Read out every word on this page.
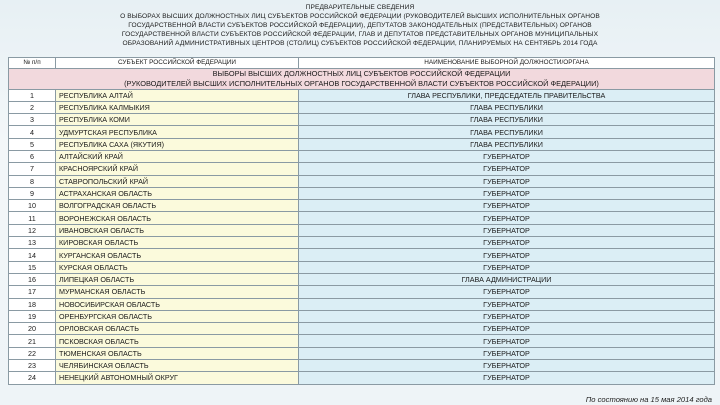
ПРЕДВАРИТЕЛЬНЫЕ СВЕДЕНИЯ
О ВЫБОРАХ ВЫСШИХ ДОЛЖНОСТНЫХ ЛИЦ СУБЪЕКТОВ РОССИЙСКОЙ ФЕДЕРАЦИИ (РУКОВОДИТЕЛЕЙ ВЫСШИХ ИСПОЛНИТЕЛЬНЫХ ОРГАНОВ
ГОСУДАРСТВЕННОЙ ВЛАСТИ СУБЪЕКТОВ РОССИЙСКОЙ ФЕДЕРАЦИИ), ДЕПУТАТОВ ЗАКОНОДАТЕЛЬНЫХ (ПРЕДСТАВИТЕЛЬНЫХ) ОРГАНОВ
ГОСУДАРСТВЕННОЙ ВЛАСТИ СУБЪЕКТОВ РОССИЙСКОЙ ФЕДЕРАЦИИ, ГЛАВ И ДЕПУТАТОВ ПРЕДСТАВИТЕЛЬНЫХ ОРГАНОВ МУНИЦИПАЛЬНЫХ
ОБРАЗОВАНИЙ АДМИНИСТРАТИВНЫХ ЦЕНТРОВ (СТОЛИЦ) СУБЪЕКТОВ РОССИЙСКОЙ ФЕДЕРАЦИИ, ПЛАНИРУЕМЫХ НА СЕНТЯБРЬ 2014 ГОДА
№ п/п	СУБЪЕКТ РОССИЙСКОЙ ФЕДЕРАЦИИ	НАИМЕНОВАНИЕ ВЫБОРНОЙ ДОЛЖНОСТИ/ОРГАНА
ВЫБОРЫ ВЫСШИХ ДОЛЖНОСТНЫХ ЛИЦ СУБЪЕКТОВ РОССИЙСКОЙ ФЕДЕРАЦИИ
(РУКОВОДИТЕЛЕЙ ВЫСШИХ ИСПОЛНИТЕЛЬНЫХ ОРГАНОВ ГОСУДАРСТВЕННОЙ ВЛАСТИ СУБЪЕКТОВ РОССИЙСКОЙ ФЕДЕРАЦИИ)		
1	РЕСПУБЛИКА АЛТАЙ	ГЛАВА РЕСПУБЛИКИ, ПРЕДСЕДАТЕЛЬ ПРАВИТЕЛЬСТВА
2	РЕСПУБЛИКА КАЛМЫКИЯ	ГЛАВА РЕСПУБЛИКИ
3	РЕСПУБЛИКА КОМИ	ГЛАВА РЕСПУБЛИКИ
4	УДМУРТСКАЯ РЕСПУБЛИКА	ГЛАВА РЕСПУБЛИКИ
5	РЕСПУБЛИКА САХА (ЯКУТИЯ)	ГЛАВА РЕСПУБЛИКИ
6	АЛТАЙСКИЙ КРАЙ	ГУБЕРНАТОР
7	КРАСНОЯРСКИЙ КРАЙ	ГУБЕРНАТОР
8	СТАВРОПОЛЬСКИЙ КРАЙ	ГУБЕРНАТОР
9	АСТРАХАНСКАЯ ОБЛАСТЬ	ГУБЕРНАТОР
10	ВОЛГОГРАДСКАЯ ОБЛАСТЬ	ГУБЕРНАТОР
11	ВОРОНЕЖСКАЯ ОБЛАСТЬ	ГУБЕРНАТОР
12	ИВАНОВСКАЯ ОБЛАСТЬ	ГУБЕРНАТОР
13	КИРОВСКАЯ ОБЛАСТЬ	ГУБЕРНАТОР
14	КУРГАНСКАЯ ОБЛАСТЬ	ГУБЕРНАТОР
15	КУРСКАЯ ОБЛАСТЬ	ГУБЕРНАТОР
16	ЛИПЕЦКАЯ ОБЛАСТЬ	ГЛАВА АДМИНИСТРАЦИИ
17	МУРМАНСКАЯ ОБЛАСТЬ	ГУБЕРНАТОР
18	НОВОСИБИРСКАЯ ОБЛАСТЬ	ГУБЕРНАТОР
19	ОРЕНБУРГСКАЯ ОБЛАСТЬ	ГУБЕРНАТОР
20	ОРЛОВСКАЯ ОБЛАСТЬ	ГУБЕРНАТОР
21	ПСКОВСКАЯ ОБЛАСТЬ	ГУБЕРНАТОР
22	ТЮМЕНСКАЯ ОБЛАСТЬ	ГУБЕРНАТОР
23	ЧЕЛЯБИНСКАЯ ОБЛАСТЬ	ГУБЕРНАТОР
24	НЕНЕЦКИЙ АВТОНОМНЫЙ ОКРУГ	ГУБЕРНАТОР
По состоянию на 15 мая 2014 года
